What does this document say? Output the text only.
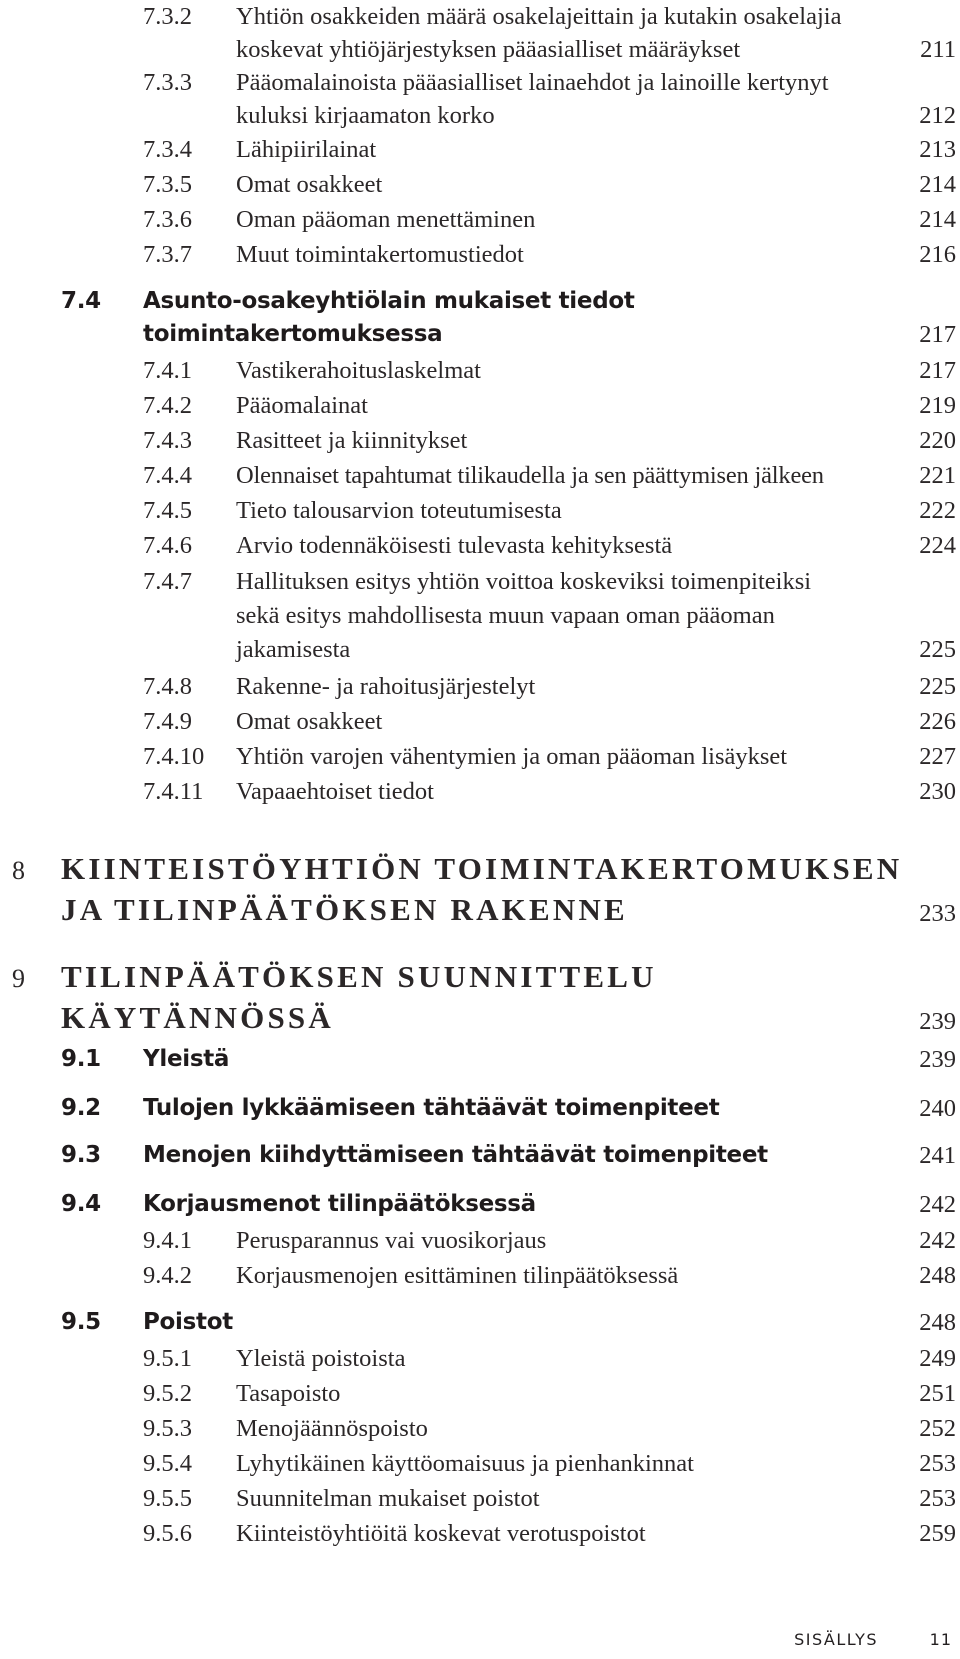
7.3.2 Yhtiön osakkeiden määrä osakelajeittain ja kutakin osakelajia
koskevat yhtiöjärjestyksen pääasialliset määräykset	211
7.3.3 Pääomalainoista pääasialliset lainaehdot ja lainoille kertynyt
kuluksi kirjaamaton korko	212
7.3.4 Lähipiirilainat	213
7.3.5 Omat osakkeet	214
7.3.6 Oman pääoman menettäminen	214
7.3.7 Muut toimintakertomustiedot	216
7.4 Asunto-osakeyhtiölain mukaiset tiedot
toimintakertomuksessa	217
7.4.1 Vastikerahoituslaskelmat	217
7.4.2 Pääomalainat	219
7.4.3 Rasitteet ja kiinnitykset	220
7.4.4 Olennaiset tapahtumat tilikaudella ja sen päättymisen jälkeen	221
7.4.5 Tieto talousarvion toteutumisesta	222
7.4.6 Arvio todennäköisesti tulevasta kehityksestä	224
7.4.7 Hallituksen esitys yhtiön voittoa koskeviksi toimenpiteiksi
sekä esitys mahdollisesta muun vapaan oman pääoman
jakamisesta	225
7.4.8 Rakenne- ja rahoitusjärjestelyt	225
7.4.9 Omat osakkeet	226
7.4.10 Yhtiön varojen vähentymien ja oman pääoman lisäykset	227
7.4.11 Vapaaehtoiset tiedot	230
8 KIINTEISTÖYHTIÖN TOIMINTAKERTOMUKSEN
JA TILINPÄÄTÖKSEN RAKENNE	233
9 TILINPÄÄTÖKSEN SUUNNITTELU
KÄYTÄNNÖSSÄ	239
9.1 Yleistä	239
9.2 Tulojen lykkäämiseen tähtäävät toimenpiteet	240
9.3 Menojen kiihdyttämiseen tähtäävät toimenpiteet	241
9.4 Korjausmenot tilinpäätöksessä	242
9.4.1 Perusparannus vai vuosikorjaus	242
9.4.2 Korjausmenojen esittäminen tilinpäätöksessä	248
9.5 Poistot	248
9.5.1 Yleistä poistoista	249
9.5.2 Tasapoisto	251
9.5.3 Menojäännöspoisto	252
9.5.4 Lyhytikäinen käyttöomaisuus ja pienhankinnat	253
9.5.5 Suunnitelman mukaiset poistot	253
9.5.6 Kiinteistöyhtiöitä koskevat verotuspoistot	259
SISÄLLYS	11
